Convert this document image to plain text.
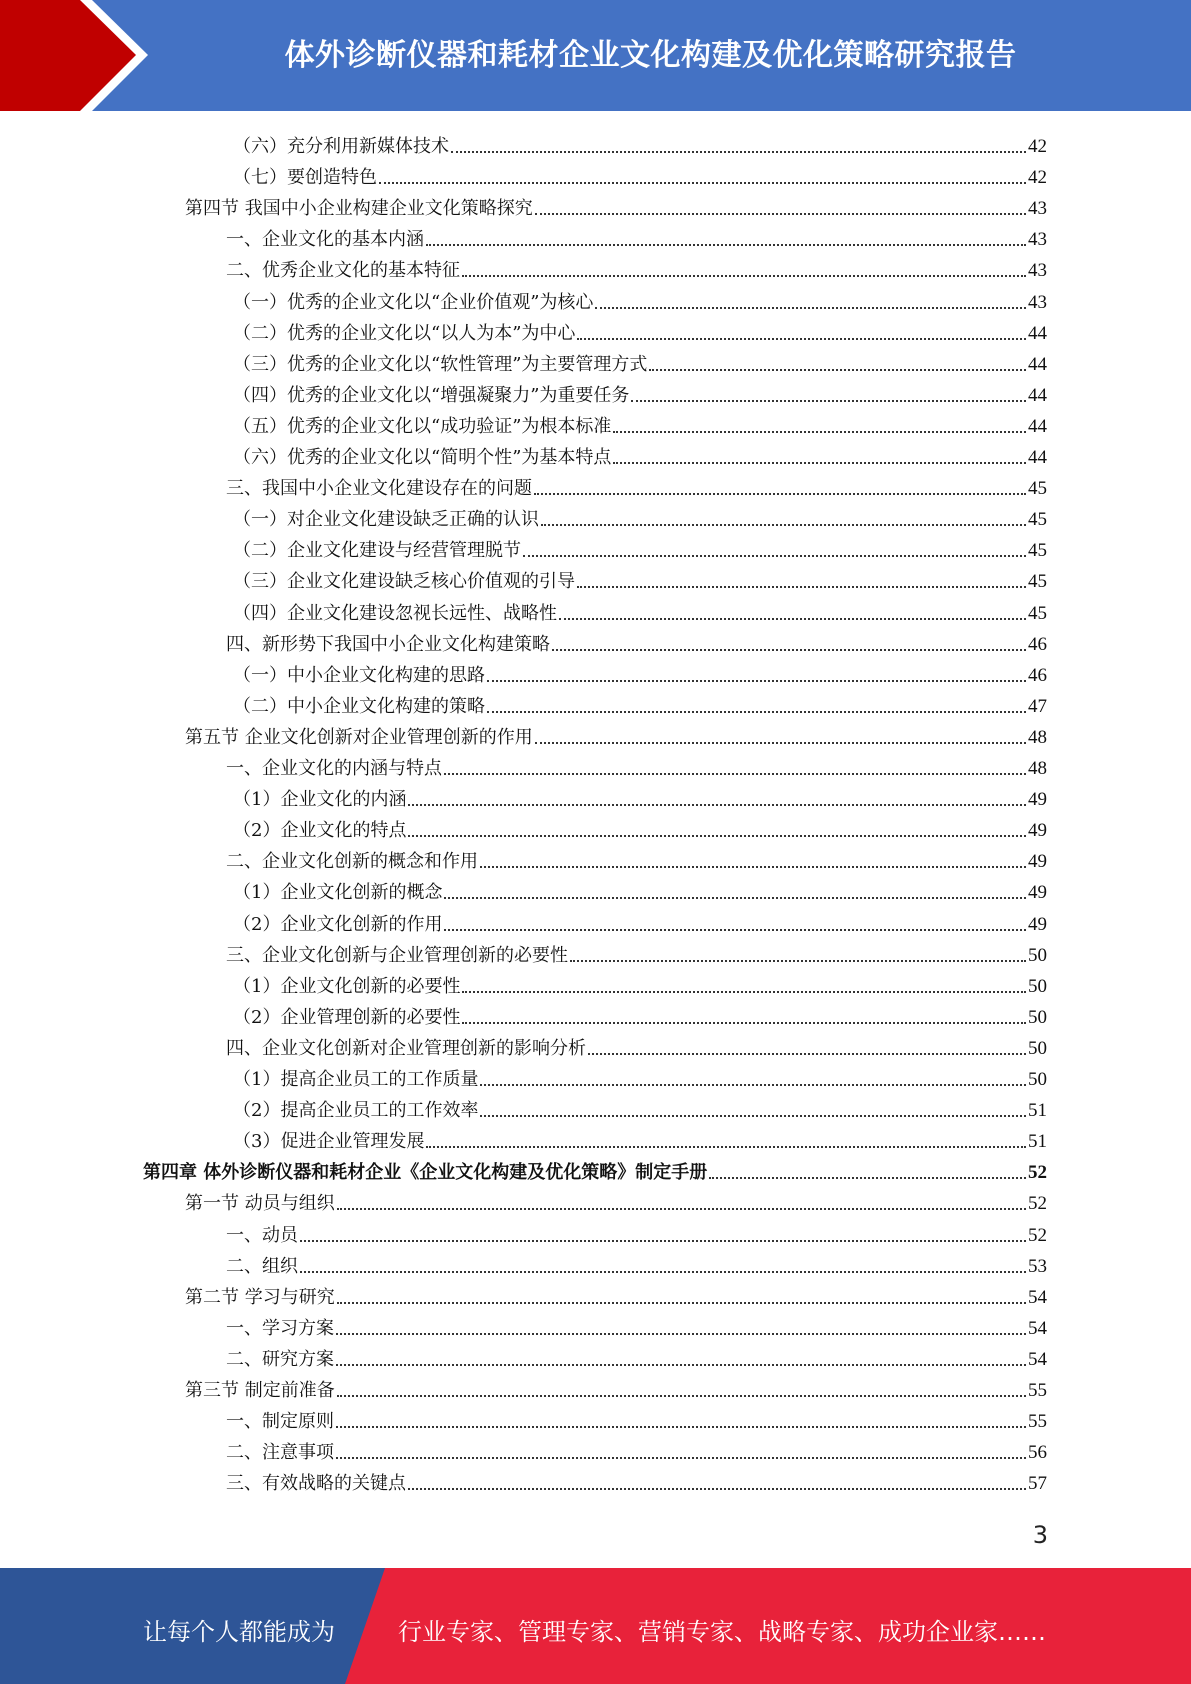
体外诊断仪器和耗材企业文化构建及优化策略研究报告
（六）充分利用新媒体技术	42
（七）要创造特色	42
第四节 我国中小企业构建企业文化策略探究	43
一、企业文化的基本内涵	43
二、优秀企业文化的基本特征	43
（一）优秀的企业文化以“企业价值观”为核心	43
（二）优秀的企业文化以“以人为本”为中心	44
（三）优秀的企业文化以“软性管理”为主要管理方式	44
（四）优秀的企业文化以“增强凝聚力”为重要任务	44
（五）优秀的企业文化以“成功验证”为根本标准	44
（六）优秀的企业文化以“简明个性”为基本特点	44
三、我国中小企业文化建设存在的问题	45
（一）对企业文化建设缺乏正确的认识	45
（二）企业文化建设与经营管理脱节	45
（三）企业文化建设缺乏核心价值观的引导	45
（四）企业文化建设忽视长远性、战略性	45
四、新形势下我国中小企业文化构建策略	46
（一）中小企业文化构建的思路	46
（二）中小企业文化构建的策略	47
第五节 企业文化创新对企业管理创新的作用	48
一、企业文化的内涵与特点	48
（1）企业文化的内涵	49
（2）企业文化的特点	49
二、企业文化创新的概念和作用	49
（1）企业文化创新的概念	49
（2）企业文化创新的作用	49
三、企业文化创新与企业管理创新的必要性	50
（1）企业文化创新的必要性	50
（2）企业管理创新的必要性	50
四、企业文化创新对企业管理创新的影响分析	50
（1）提高企业员工的工作质量	50
（2）提高企业员工的工作效率	51
（3）促进企业管理发展	51
第四章 体外诊断仪器和耗材企业《企业文化构建及优化策略》制定手册	52
第一节 动员与组织	52
一、动员	52
二、组织	53
第二节 学习与研究	54
一、学习方案	54
二、研究方案	54
第三节 制定前准备	55
一、制定原则	55
二、注意事项	56
三、有效战略的关键点	57
3
让每个人都能成为	行业专家、管理专家、营销专家、战略专家、成功企业家……
